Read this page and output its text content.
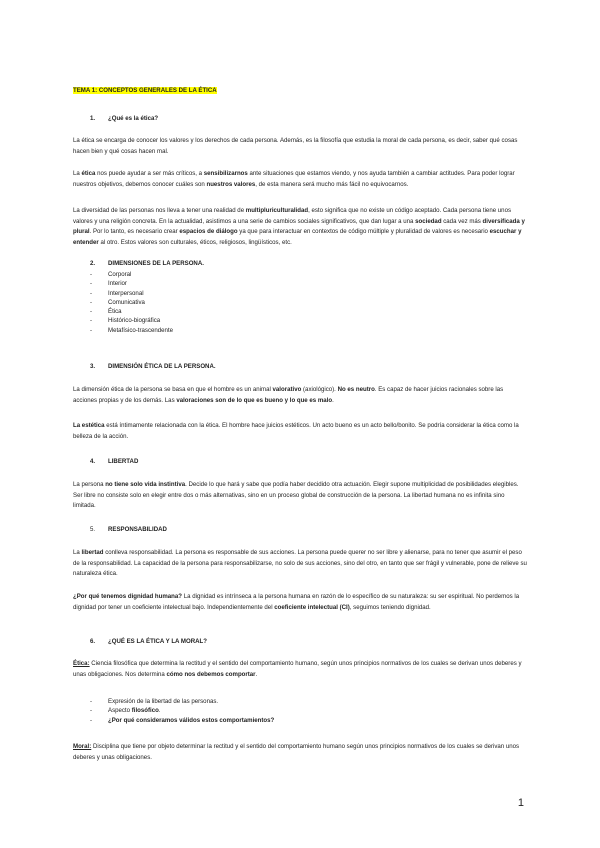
TEMA 1: CONCEPTOS GENERALES DE LA ÉTICA
1. ¿Qué es la ética?
La ética se encarga de conocer los valores y los derechos de cada persona. Además, es la filosofía que estudia la moral de cada persona, es decir, saber qué cosas hacen bien y qué cosas hacen mal.
La ética nos puede ayudar a ser más críticos, a sensibilizarnos ante situaciones que estamos viendo, y nos ayuda también a cambiar actitudes. Para poder lograr nuestros objetivos, debemos conocer cuáles son nuestros valores, de esta manera será mucho más fácil no equivocarnos.
La diversidad de las personas nos lleva a tener una realidad de multipluriculturalidad, esto significa que no existe un código aceptado. Cada persona tiene unos valores y una religión concreta. En la actualidad, asistimos a una serie de cambios sociales significativos, que dan lugar a una sociedad cada vez más diversificada y plural. Por lo tanto, es necesario crear espacios de diálogo ya que para interactuar en contextos de código múltiple y pluralidad de valores es necesario escuchar y entender al otro. Estos valores son culturales, éticos, religiosos, lingüísticos, etc.
2. DIMENSIONES DE LA PERSONA.
- Corporal
- Interior
- Interpersonal
- Comunicativa
- Ética
- Histórico-biográfica
- Metafísico-trascendente
3. DIMENSIÓN ÉTICA DE LA PERSONA.
La dimensión ética de la persona se basa en que el hombre es un animal valorativo (axiológico). No es neutro. Es capaz de hacer juicios racionales sobre las acciones propias y de los demás. Las valoraciones son de lo que es bueno y lo que es malo.
La estética está íntimamente relacionada con la ética. El hombre hace juicios estéticos. Un acto bueno es un acto bello/bonito. Se podría considerar la ética como la belleza de la acción.
4. LIBERTAD
La persona no tiene solo vida instintiva. Decide lo que hará y sabe que podía haber decidido otra actuación. Elegir supone multiplicidad de posibilidades elegibles. Ser libre no consiste solo en elegir entre dos o más alternativas, sino en un proceso global de construcción de la persona. La libertad humana no es infinita sino limitada.
5. RESPONSABILIDAD
La libertad conlleva responsabilidad. La persona es responsable de sus acciones. La persona puede querer no ser libre y alienarse, para no tener que asumir el peso de la responsabilidad. La capacidad de la persona para responsabilizarse, no solo de sus acciones, sino del otro, en tanto que ser frágil y vulnerable, pone de relieve su naturaleza ética.
¿Por qué tenemos dignidad humana? La dignidad es intrínseca a la persona humana en razón de lo específico de su naturaleza: su ser espiritual. No perdemos la dignidad por tener un coeficiente intelectual bajo. Independientemente del coeficiente intelectual (CI), seguimos teniendo dignidad.
6. ¿QUÉ ES LA ÉTICA Y LA MORAL?
Ética: Ciencia filosófica que determina la rectitud y el sentido del comportamiento humano, según unos principios normativos de los cuales se derivan unos deberes y unas obligaciones. Nos determina cómo nos debemos comportar.
- Expresión de la libertad de las personas.
- Aspecto filosófico.
- ¿Por qué consideramos válidos estos comportamientos?
Moral: Disciplina que tiene por objeto determinar la rectitud y el sentido del comportamiento humano según unos principios normativos de los cuales se derivan unos deberes y unas obligaciones.
1
